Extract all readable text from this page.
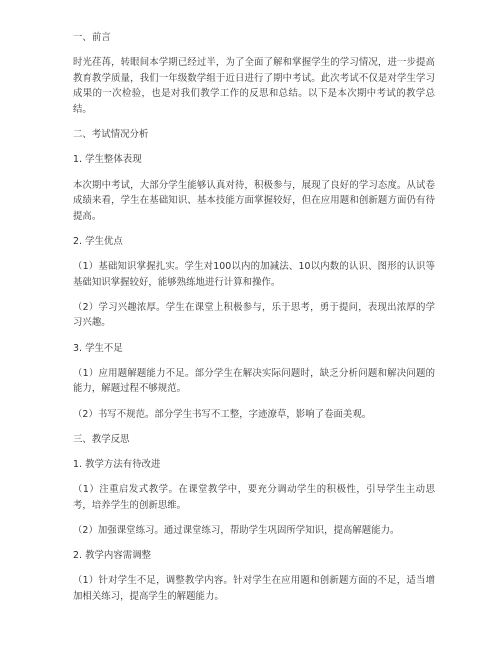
一、前言

时光荏苒，转眼间本学期已经过半，为了全面了解和掌握学生的学习情况，进一步提高教育教学质量，我们一年级数学组于近日进行了期中考试。此次考试不仅是对学生学习成果的一次检验，也是对我们教学工作的反思和总结。以下是本次期中考试的教学总结。

二、考试情况分析

1. 学生整体表现

本次期中考试，大部分学生能够认真对待，积极参与，展现了良好的学习态度。从试卷成绩来看，学生在基础知识、基本技能方面掌握较好，但在应用题和创新题方面仍有待提高。

2. 学生优点

（1）基础知识掌握扎实。学生对100以内的加减法、10以内数的认识、图形的认识等基础知识掌握较好，能够熟练地进行计算和操作。

（2）学习兴趣浓厚。学生在课堂上积极参与，乐于思考，勇于提问，表现出浓厚的学习兴趣。

3. 学生不足

（1）应用题解题能力不足。部分学生在解决实际问题时，缺乏分析问题和解决问题的能力，解题过程不够规范。

（2）书写不规范。部分学生书写不工整，字迹潦草，影响了卷面美观。

三、教学反思

1. 教学方法有待改进

（1）注重启发式教学。在课堂教学中，要充分调动学生的积极性，引导学生主动思考，培养学生的创新思维。

（2）加强课堂练习。通过课堂练习，帮助学生巩固所学知识，提高解题能力。

2. 教学内容需调整

（1）针对学生不足，调整教学内容。针对学生在应用题和创新题方面的不足，适当增加相关练习，提高学生的解题能力。
